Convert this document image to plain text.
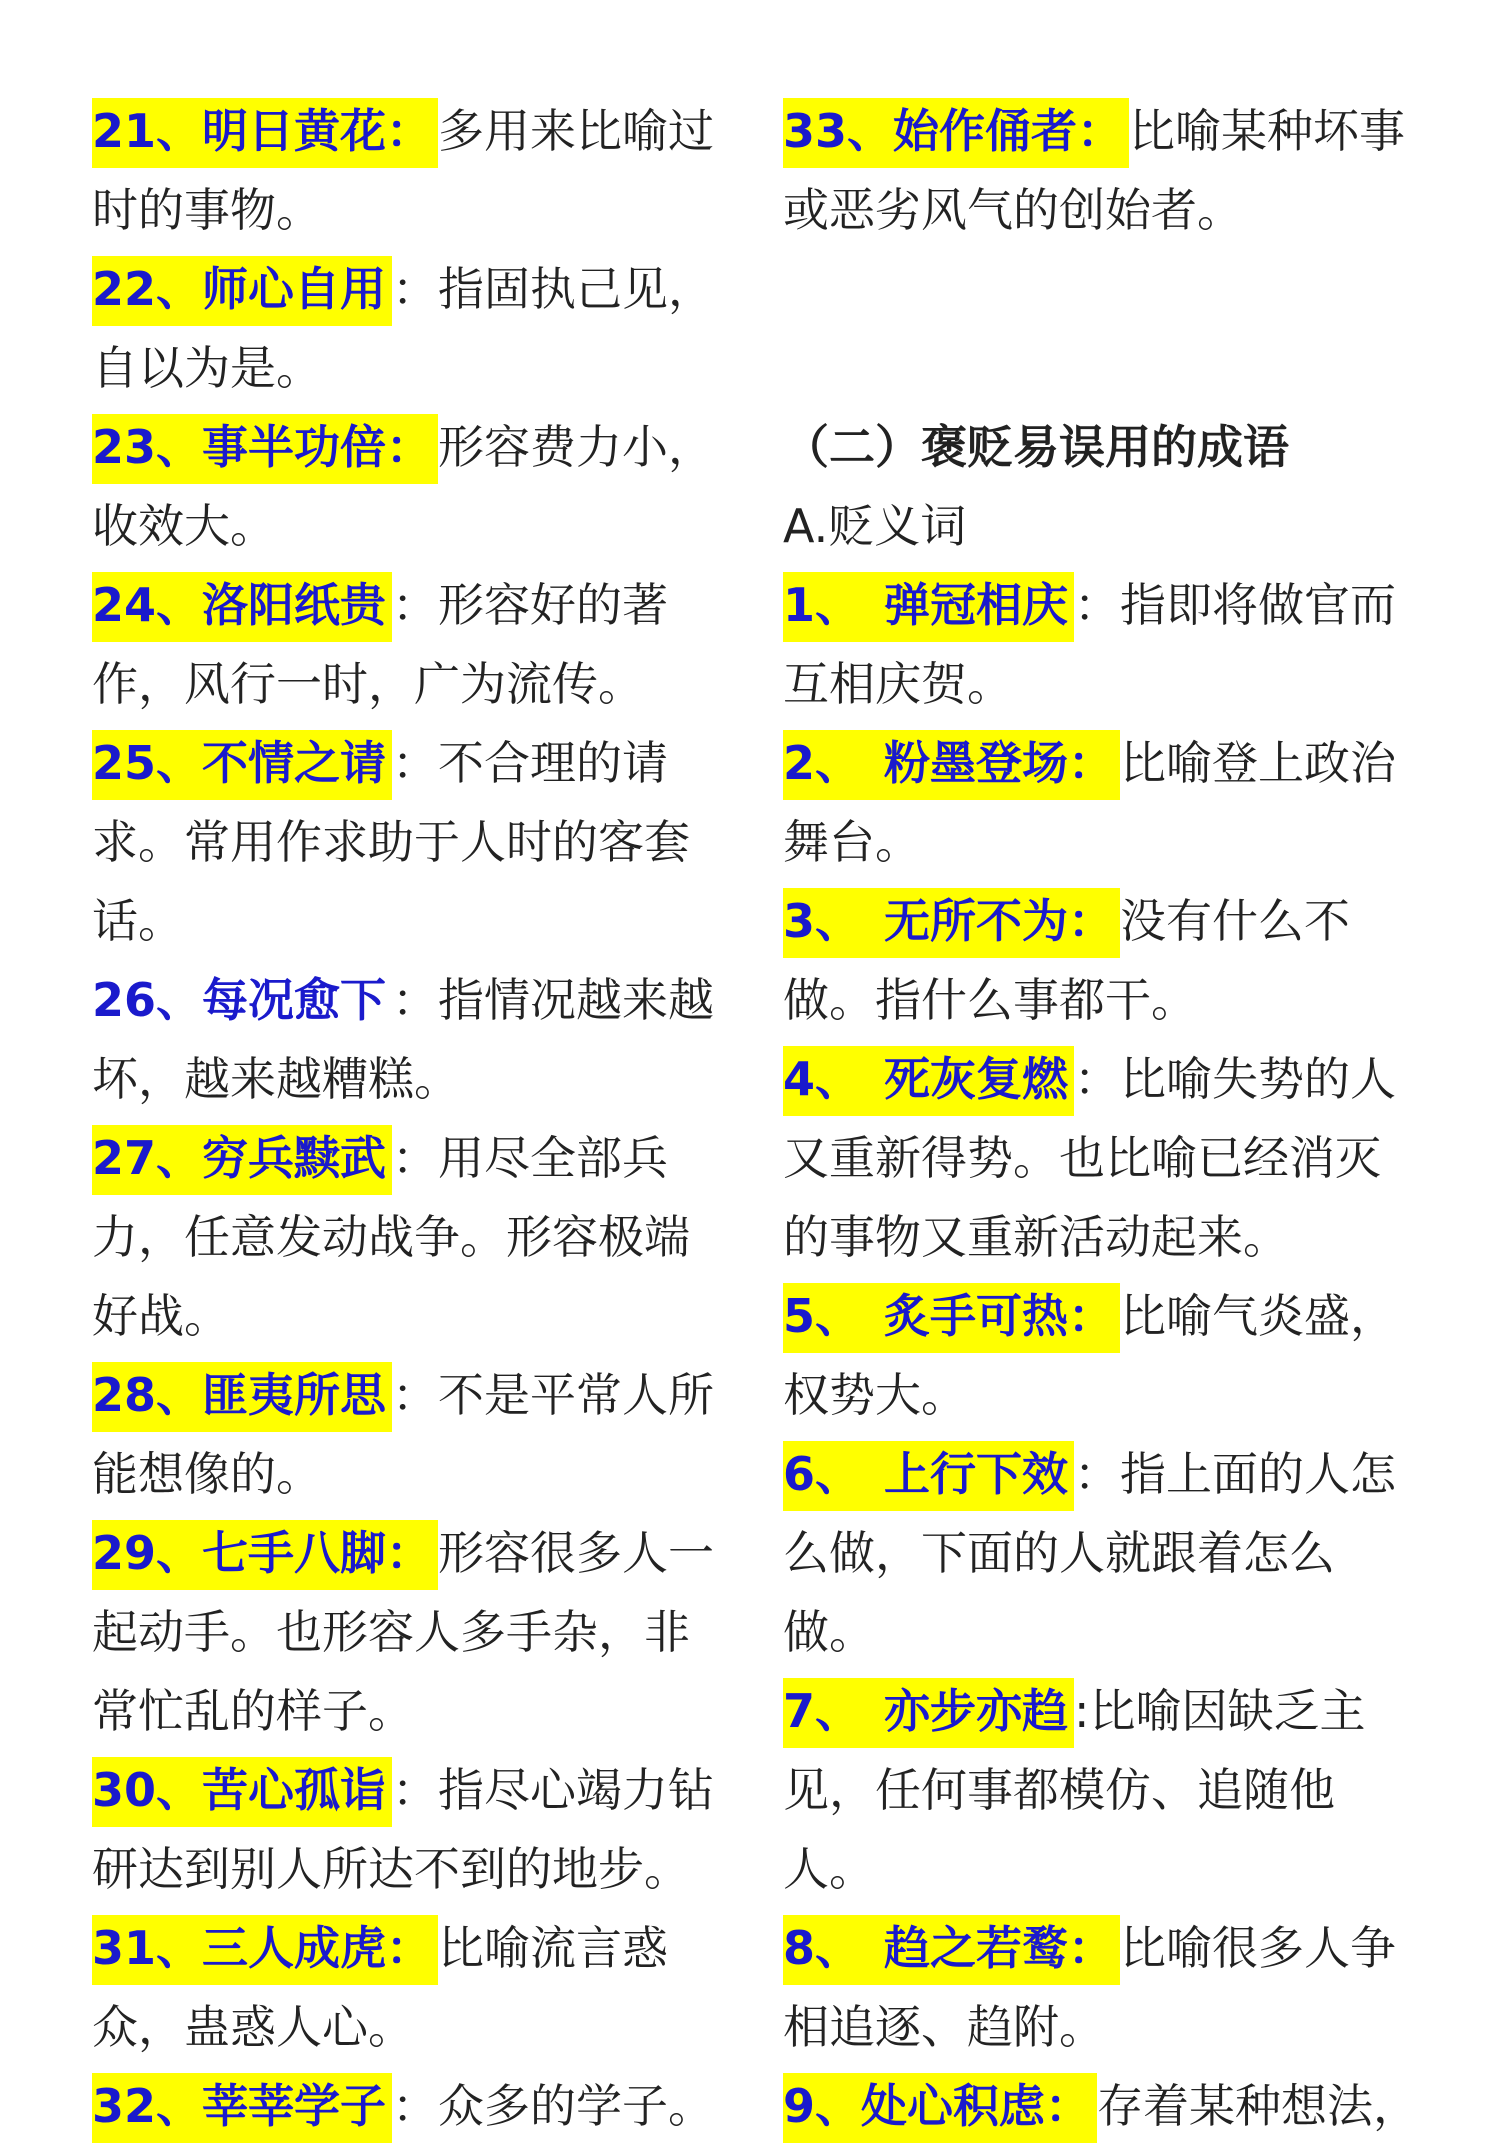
21、明日黄花： 多用来比喻过时的事物。

22、师心自用 ：指固执己见，自以为是。

23、事半功倍： 形容费力小，收效大。

24、洛阳纸贵 ：形容好的著作，风行一时，广为流传。

25、不情之请 ：不合理的请求。常用作求助于人时的客套话。

26、每况愈下 ：指情况越来越坏，越来越糟糕。

27、穷兵黩武 ：用尽全部兵力，任意发动战争。形容极端好战。

28、匪夷所思 ：不是平常人所能想像的。

29、七手八脚： 形容很多人一起动手。也形容人多手杂，非常忙乱的样子。

30、苦心孤诣 ：指尽心竭力钻研达到别人所达不到的地步。

31、三人成虎： 比喻流言惑众，蛊惑人心。

32、莘莘学子 ：众多的学子。

33、始作俑者： 比喻某种坏事或恶劣风气的创始者。

（二）褒贬易误用的成语

A.贬义词

1、　弹冠相庆 ：指即将做官而互相庆贺。

2、　粉墨登场： 比喻登上政治舞台。

3、　无所不为： 没有什么不做。指什么事都干。

4、　死灰复燃 ：比喻失势的人又重新得势。也比喻已经消灭的事物又重新活动起来。

5、　炙手可热： 比喻气炎盛，权势大。

6、　上行下效 ：指上面的人怎么做，下面的人就跟着怎么做。

7、　亦步亦趋 :比喻因缺乏主见，任何事都模仿、追随他人。

8、　趋之若鹜： 比喻很多人争相追逐、趋附。

9、处心积虑： 存着某种想法，
